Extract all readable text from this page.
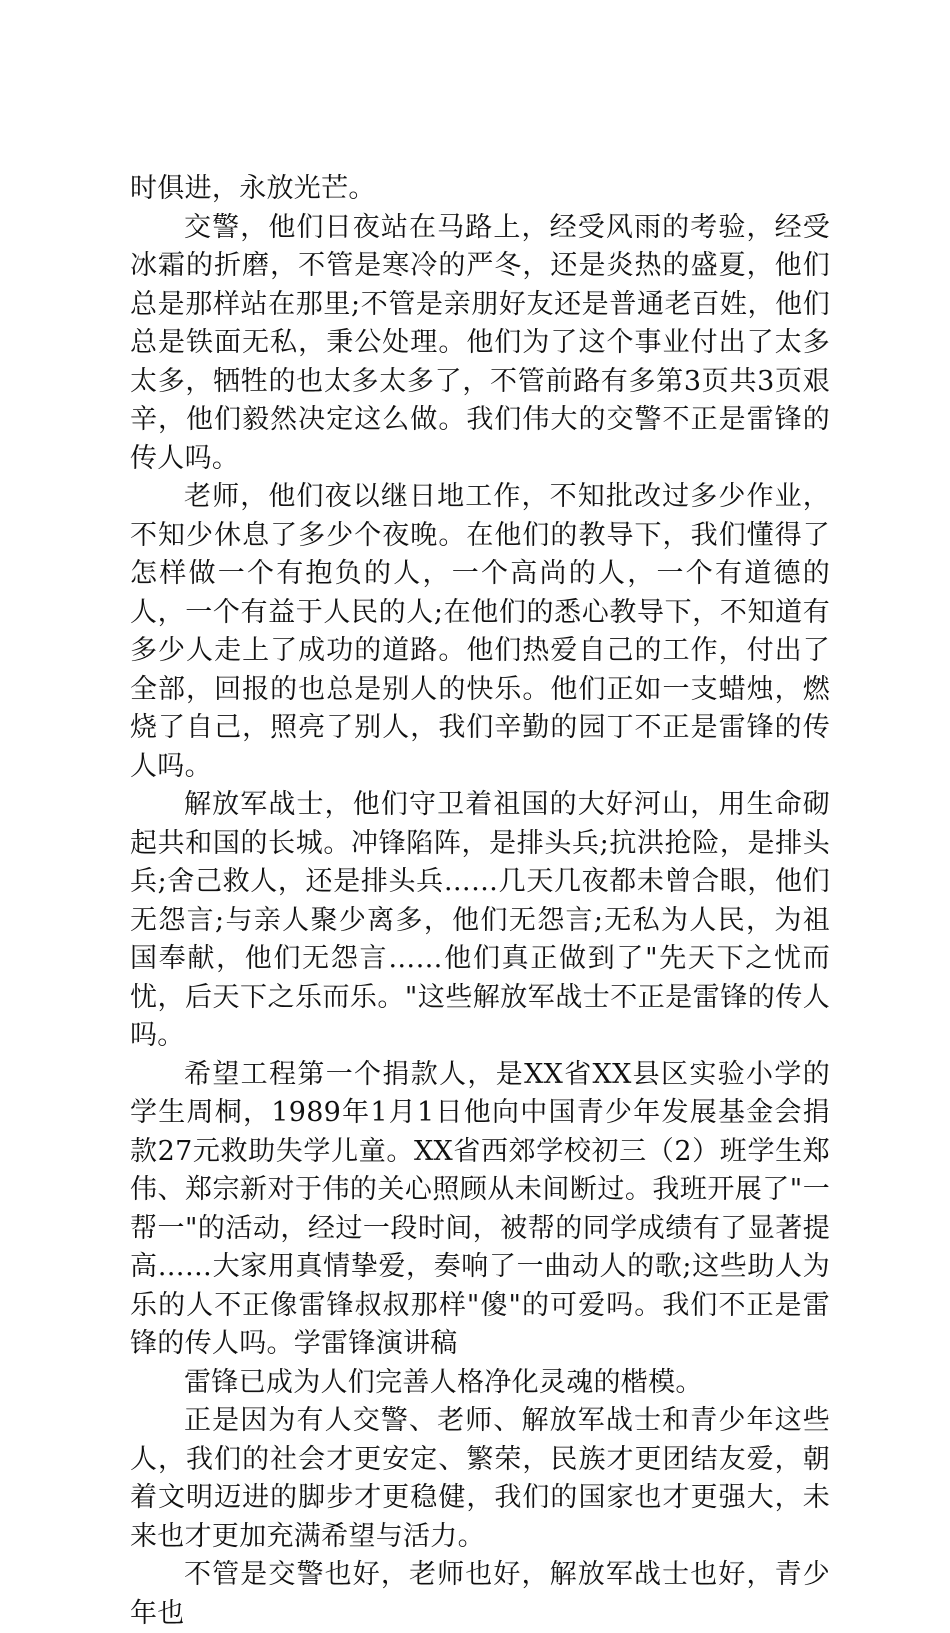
时俱进，永放光芒。

交警，他们日夜站在马路上，经受风雨的考验，经受冰霜的折磨，不管是寒冷的严冬，还是炎热的盛夏，他们总是那样站在那里;不管是亲朋好友还是普通老百姓，他们总是铁面无私，秉公处理。他们为了这个事业付出了太多太多，牺牲的也太多太多了，不管前路有多第3页共3页艰辛，他们毅然决定这么做。我们伟大的交警不正是雷锋的传人吗。

老师，他们夜以继日地工作，不知批改过多少作业，不知少休息了多少个夜晚。在他们的教导下，我们懂得了怎样做一个有抱负的人，一个高尚的人，一个有道德的人，一个有益于人民的人;在他们的悉心教导下，不知道有多少人走上了成功的道路。他们热爱自己的工作，付出了全部，回报的也总是别人的快乐。他们正如一支蜡烛，燃烧了自己，照亮了别人，我们辛勤的园丁不正是雷锋的传人吗。

解放军战士，他们守卫着祖国的大好河山，用生命砌起共和国的长城。冲锋陷阵，是排头兵;抗洪抢险，是排头兵;舍己救人，还是排头兵……几天几夜都未曾合眼，他们无怨言;与亲人聚少离多，他们无怨言;无私为人民，为祖国奉献，他们无怨言……他们真正做到了"先天下之忧而忧，后天下之乐而乐。"这些解放军战士不正是雷锋的传人吗。

希望工程第一个捐款人，是XX省XX县区实验小学的学生周桐，1989年1月1日他向中国青少年发展基金会捐款27元救助失学儿童。XX省西郊学校初三（2）班学生郑伟、郑宗新对于伟的关心照顾从未间断过。我班开展了"一帮一"的活动，经过一段时间，被帮的同学成绩有了显著提高……大家用真情挚爱，奏响了一曲动人的歌;这些助人为乐的人不正像雷锋叔叔那样"傻"的可爱吗。我们不正是雷锋的传人吗。学雷锋演讲稿

雷锋已成为人们完善人格净化灵魂的楷模。

正是因为有人交警、老师、解放军战士和青少年这些人，我们的社会才更安定、繁荣，民族才更团结友爱，朝着文明迈进的脚步才更稳健，我们的国家也才更强大，未来也才更加充满希望与活力。

不管是交警也好，老师也好，解放军战士也好，青少年也
